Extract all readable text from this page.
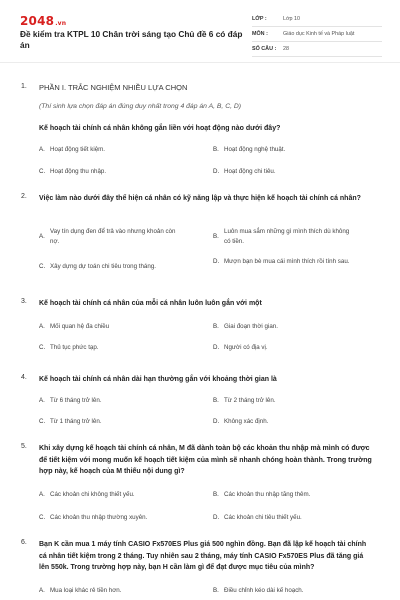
2048.vn
Đề kiểm tra KTPL 10 Chân trời sáng tạo Chủ đề 6 có đáp án
LỚP :	Lớp 10
MÔN :	Giáo dục Kinh tế và Pháp luật
SỐ CÂU :	28
1. PHẦN I. TRẮC NGHIỆM NHIỀU LỰA CHỌN
(Thí sinh lựa chọn đáp án đúng duy nhất trong 4 đáp án A, B, C, D)
Kế hoạch tài chính cá nhân không gắn liền với hoạt động nào dưới đây?
A. Hoạt động tiết kiệm.	B. Hoạt động nghệ thuật.
C. Hoạt động thu nhập.	D. Hoạt động chi tiêu.
2. Việc làm nào dưới đây thể hiện cá nhân có kỹ năng lập và thực hiện kế hoạch tài chính cá nhân?
A.
Vay tín dụng đen để trả vào nhưng khoản còn nợ.
B.
Luôn mua sắm những gì mình thích dù không có tiền.
C. Xây dựng dự toán chi tiêu trong tháng.
D. Mượn bạn bè mua cái mình thích rồi tính sau.
3. Kế hoạch tài chính cá nhân của mỗi cá nhân luôn luôn gắn với một
A. Mối quan hệ đa chiều	B. Giai đoạn thời gian.
C. Thủ tục phức tạp.	D. Người có địa vị.
4. Kế hoạch tài chính cá nhân dài hạn thường gắn với khoảng thời gian là
A. Từ 6 tháng trở lên.	B. Từ 2 tháng trở lên.
C. Từ 1 tháng trở lên.	D. Không xác định.
5. Khi xây dựng kế hoạch tài chính cá nhân, M đã dành toàn bộ các khoản thu nhập mà mình có được để tiết kiệm với mong muốn kế hoạch tiết kiệm của mình sẽ nhanh chóng hoàn thành. Trong trường hợp này, kế hoạch của M thiếu nội dung gì?
A. Các khoản chi không thiết yếu.	B. Các khoản thu nhập tăng thêm.
C. Các khoản thu nhập thường xuyên.	D. Các khoản chi tiêu thiết yếu.
6. Bạn K cần mua 1 máy tính CASIO Fx570ES Plus giá 500 nghìn đồng. Bạn đã lập kế hoạch tài chính cá nhân tiết kiệm trong 2 tháng. Tuy nhiên sau 2 tháng, máy tính CASIO Fx570ES Plus đã tăng giá lên 550k. Trong trường hợp này, bạn H cần làm gì để đạt được mục tiêu của mình?
A. Mua loại khác rẻ tiền hơn.	B. Điều chỉnh kéo dài kế hoạch.
